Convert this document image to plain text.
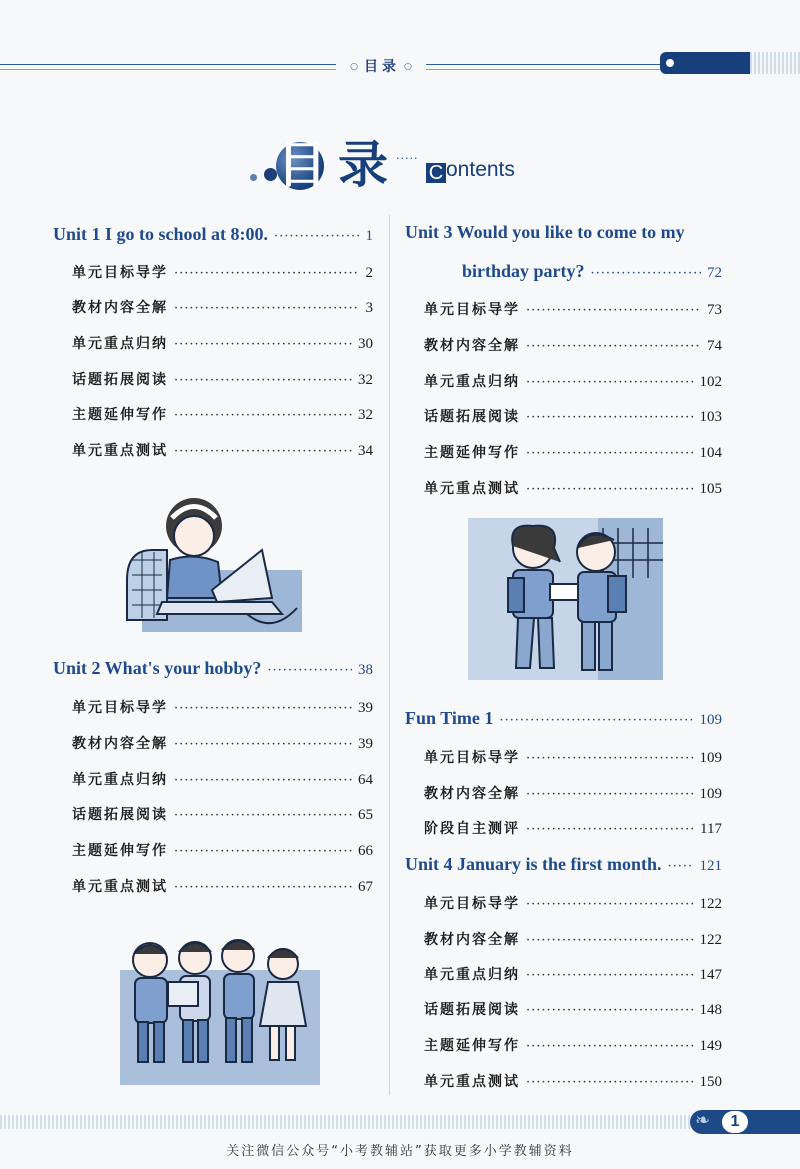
○ 目录 ○
目 录 ·····
C ontents
Unit 1 I go to school at 8:00. ·····	1
单元目标导学 ·····	2
教材内容全解 ·····	3
单元重点归纳 ·····	30
话题拓展阅读 ·····	32
主题延伸写作 ·····	32
单元重点测试 ·····	34
Unit 2 What's your hobby? ·····	38
单元目标导学 ·····	39
教材内容全解 ·····	39
单元重点归纳 ·····	64
话题拓展阅读 ·····	65
主题延伸写作 ·····	66
单元重点测试 ·····	67
Unit 3 Would you like to come to my
birthday party? ·····	72
单元目标导学 ·····	73
教材内容全解 ·····	74
单元重点归纳 ·····	102
话题拓展阅读 ·····	103
主题延伸写作 ·····	104
单元重点测试 ·····	105
Fun Time 1 ·····	109
单元目标导学 ·····	109
教材内容全解 ·····	109
阶段自主测评 ·····	117
Unit 4 January is the first month. ·····	121
单元目标导学 ·····	122
教材内容全解 ·····	122
单元重点归纳 ·····	147
话题拓展阅读 ·····	148
主题延伸写作 ·····	149
单元重点测试 ·····	150
❧	1
关注微信公众号“小考教辅站”获取更多小学教辅资料
